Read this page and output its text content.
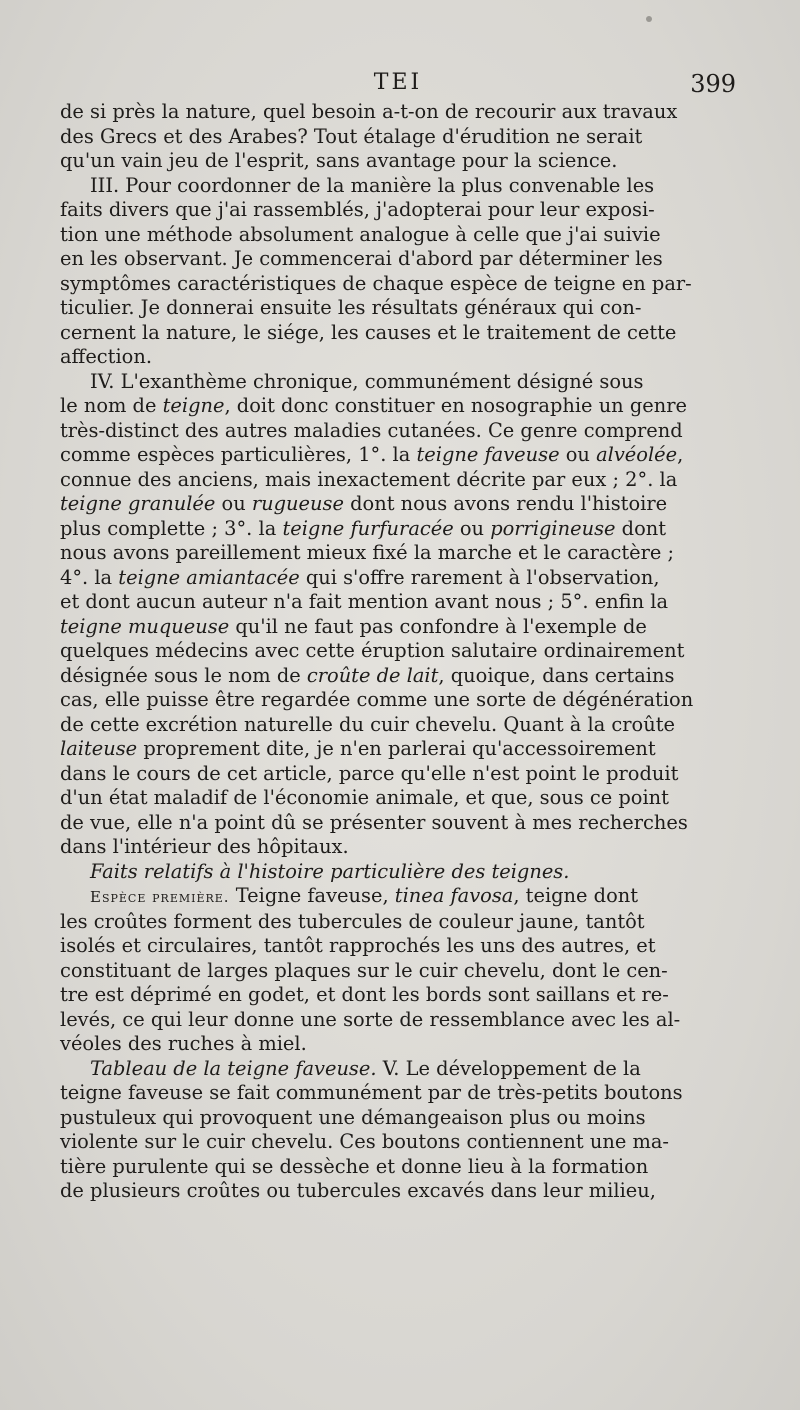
TEI	399
de si près la nature, quel besoin a-t-on de recourir aux travaux
des Grecs et des Arabes? Tout étalage d'érudition ne serait
qu'un vain jeu de l'esprit, sans avantage pour la science.
III. Pour coordonner de la manière la plus convenable les
faits divers que j'ai rassemblés, j'adopterai pour leur exposi-
tion une méthode absolument analogue à celle que j'ai suivie
en les observant. Je commencerai d'abord par déterminer les
symptômes caractéristiques de chaque espèce de teigne en par-
ticulier. Je donnerai ensuite les résultats généraux qui con-
cernent la nature, le siége, les causes et le traitement de cette
affection.
IV. L'exanthème chronique, communément désigné sous
le nom de teigne, doit donc constituer en nosographie un genre
très-distinct des autres maladies cutanées. Ce genre comprend
comme espèces particulières, 1°. la teigne faveuse ou alvéolée,
connue des anciens, mais inexactement décrite par eux ; 2°. la
teigne granulée ou rugueuse dont nous avons rendu l'histoire
plus complette ; 3°. la teigne furfuracée ou porrigineuse dont
nous avons pareillement mieux fixé la marche et le caractère ;
4°. la teigne amiantacée qui s'offre rarement à l'observation,
et dont aucun auteur n'a fait mention avant nous ; 5°. enfin la
teigne muqueuse qu'il ne faut pas confondre à l'exemple de
quelques médecins avec cette éruption salutaire ordinairement
désignée sous le nom de croûte de lait, quoique, dans certains
cas, elle puisse être regardée comme une sorte de dégénération
de cette excrétion naturelle du cuir chevelu. Quant à la croûte
laiteuse proprement dite, je n'en parlerai qu'accessoirement
dans le cours de cet article, parce qu'elle n'est point le produit
d'un état maladif de l'économie animale, et que, sous ce point
de vue, elle n'a point dû se présenter souvent à mes recherches
dans l'intérieur des hôpitaux.
Faits relatifs à l'histoire particulière des teignes.
Espèce première. Teigne faveuse, tinea favosa, teigne dont
les croûtes forment des tubercules de couleur jaune, tantôt
isolés et circulaires, tantôt rapprochés les uns des autres, et
constituant de larges plaques sur le cuir chevelu, dont le cen-
tre est déprimé en godet, et dont les bords sont saillans et re-
levés, ce qui leur donne une sorte de ressemblance avec les al-
véoles des ruches à miel.
Tableau de la teigne faveuse. V. Le développement de la
teigne faveuse se fait communément par de très-petits boutons
pustuleux qui provoquent une démangeaison plus ou moins
violente sur le cuir chevelu. Ces boutons contiennent une ma-
tière purulente qui se dessèche et donne lieu à la formation
de plusieurs croûtes ou tubercules excavés dans leur milieu,
